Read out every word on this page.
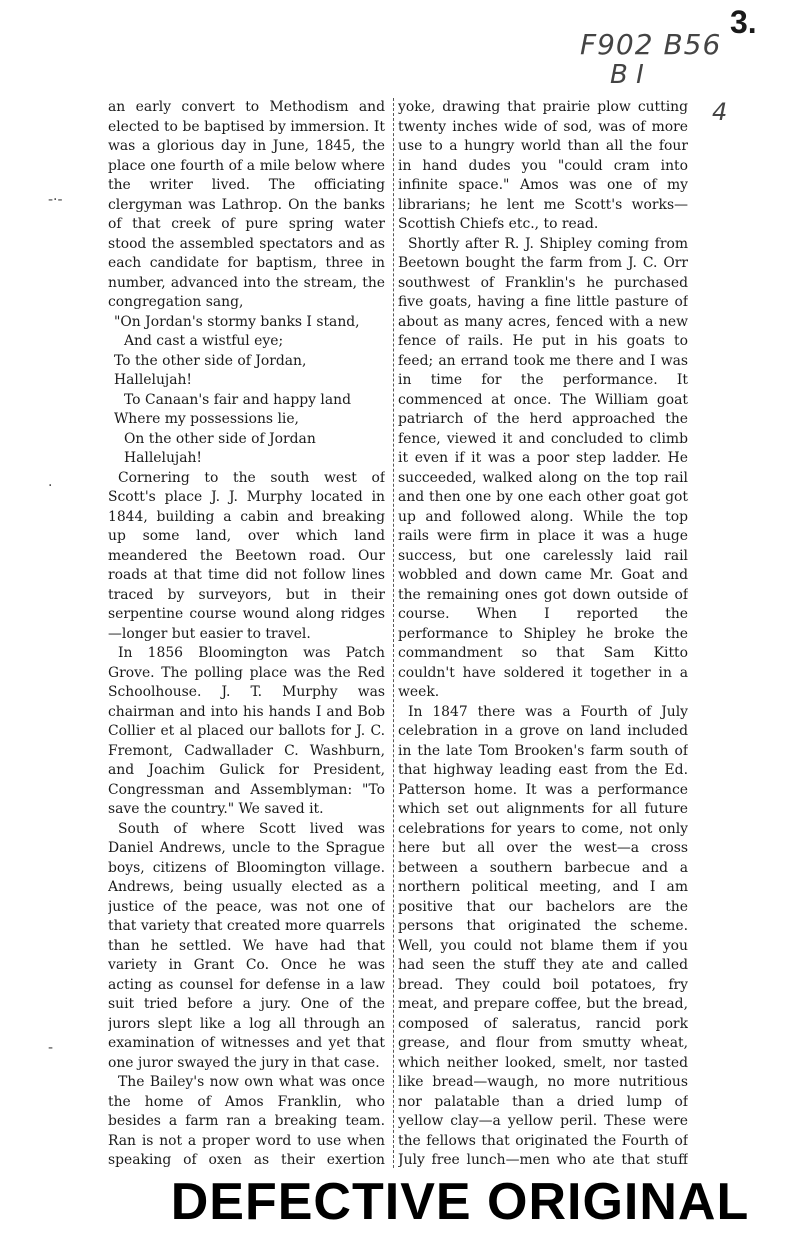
3.
F902 B56
B I
4
-·-
·
-

an early convert to Methodism and elected to be baptised by immersion. It was a glorious day in June, 1845, the place one fourth of a mile below where the writer lived. The officiating clergyman was Lathrop. On the banks of that creek of pure spring water stood the assembled spectators and as each candidate for baptism, three in number, advanced into the stream, the congregation sang,

"On Jordan's stormy banks I stand,

And cast a wistful eye;

To the other side of Jordan, Hallelujah!

To Canaan's fair and happy land

Where my possessions lie,

On the other side of Jordan Hallelujah!

Cornering to the south west of Scott's place J. J. Murphy located in 1844, building a cabin and breaking up some land, over which land meandered the Beetown road. Our roads at that time did not follow lines traced by surveyors, but in their serpentine course wound along ridges—longer but easier to travel.

In 1856 Bloomington was Patch Grove. The polling place was the Red Schoolhouse. J. T. Murphy was chairman and into his hands I and Bob Collier et al placed our ballots for J. C. Fremont, Cadwallader C. Washburn, and Joachim Gulick for President, Congressman and Assemblyman: "To save the country." We saved it.

South of where Scott lived was Daniel Andrews, uncle to the Sprague boys, citizens of Bloomington village. Andrews, being usually elected as a justice of the peace, was not one of that variety that created more quarrels than he settled. We have had that variety in Grant Co. Once he was acting as counsel for defense in a law suit tried before a jury. One of the jurors slept like a log all through an examination of witnesses and yet that one juror swayed the jury in that case.

The Bailey's now own what was once the home of Amos Franklin, who besides a farm ran a breaking team. Ran is not a proper word to use when speaking of oxen as their exertion

yoke, drawing that prairie plow cutting twenty inches wide of sod, was of more use to a hungry world than all the four in hand dudes you "could cram into infinite space." Amos was one of my librarians; he lent me Scott's works—Scottish Chiefs etc., to read.

Shortly after R. J. Shipley coming from Beetown bought the farm from J. C. Orr southwest of Franklin's he purchased five goats, having a fine little pasture of about as many acres, fenced with a new fence of rails. He put in his goats to feed; an errand took me there and I was in time for the performance. It commenced at once. The William goat patriarch of the herd approached the fence, viewed it and concluded to climb it even if it was a poor step ladder. He succeeded, walked along on the top rail and then one by one each other goat got up and followed along. While the top rails were firm in place it was a huge success, but one carelessly laid rail wobbled and down came Mr. Goat and the remaining ones got down outside of course. When I reported the performance to Shipley he broke the commandment so that Sam Kitto couldn't have soldered it together in a week.

In 1847 there was a Fourth of July celebration in a grove on land included in the late Tom Brooken's farm south of that highway leading east from the Ed. Patterson home. It was a performance which set out alignments for all future celebrations for years to come, not only here but all over the west—a cross between a southern barbecue and a northern political meeting, and I am positive that our bachelors are the persons that originated the scheme. Well, you could not blame them if you had seen the stuff they ate and called bread. They could boil potatoes, fry meat, and prepare coffee, but the bread, composed of saleratus, rancid pork grease, and flour from smutty wheat, which neither looked, smelt, nor tasted like bread—waugh, no more nutritious nor palatable than a dried lump of yellow clay—a yellow peril. These were the fellows that originated the Fourth of July free lunch—men who ate that stuff

DEFECTIVE ORIGINAL
